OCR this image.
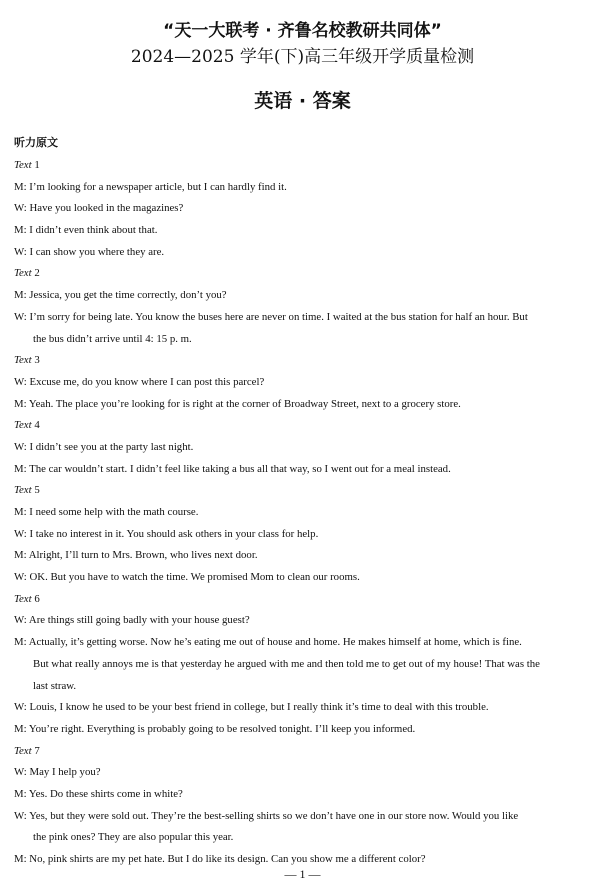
“天一大联考 · 齐鲁名校教研共同体”
2024—2025 学年(下)高三年级开学质量检测
英语 · 答案
听力原文
Text 1
M: I’m looking for a newspaper article, but I can hardly find it.
W: Have you looked in the magazines?
M: I didn’t even think about that.
W: I can show you where they are.
Text 2
M: Jessica, you get the time correctly, don’t you?
W: I’m sorry for being late. You know the buses here are never on time. I waited at the bus station for half an hour. But
the bus didn’t arrive until 4: 15 p. m.
Text 3
W: Excuse me, do you know where I can post this parcel?
M: Yeah. The place you’re looking for is right at the corner of Broadway Street, next to a grocery store.
Text 4
W: I didn’t see you at the party last night.
M: The car wouldn’t start. I didn’t feel like taking a bus all that way, so I went out for a meal instead.
Text 5
M: I need some help with the math course.
W: I take no interest in it. You should ask others in your class for help.
M: Alright, I’ll turn to Mrs. Brown, who lives next door.
W: OK. But you have to watch the time. We promised Mom to clean our rooms.
Text 6
W: Are things still going badly with your house guest?
M: Actually, it’s getting worse. Now he’s eating me out of house and home. He makes himself at home, which is fine.
But what really annoys me is that yesterday he argued with me and then told me to get out of my house! That was the
last straw.
W: Louis, I know he used to be your best friend in college, but I really think it’s time to deal with this trouble.
M: You’re right. Everything is probably going to be resolved tonight. I’ll keep you informed.
Text 7
W: May I help you?
M: Yes. Do these shirts come in white?
W: Yes, but they were sold out. They’re the best-selling shirts so we don’t have one in our store now. Would you like
the pink ones? They are also popular this year.
M: No, pink shirts are my pet hate. But I do like its design. Can you show me a different color?
— 1 —
